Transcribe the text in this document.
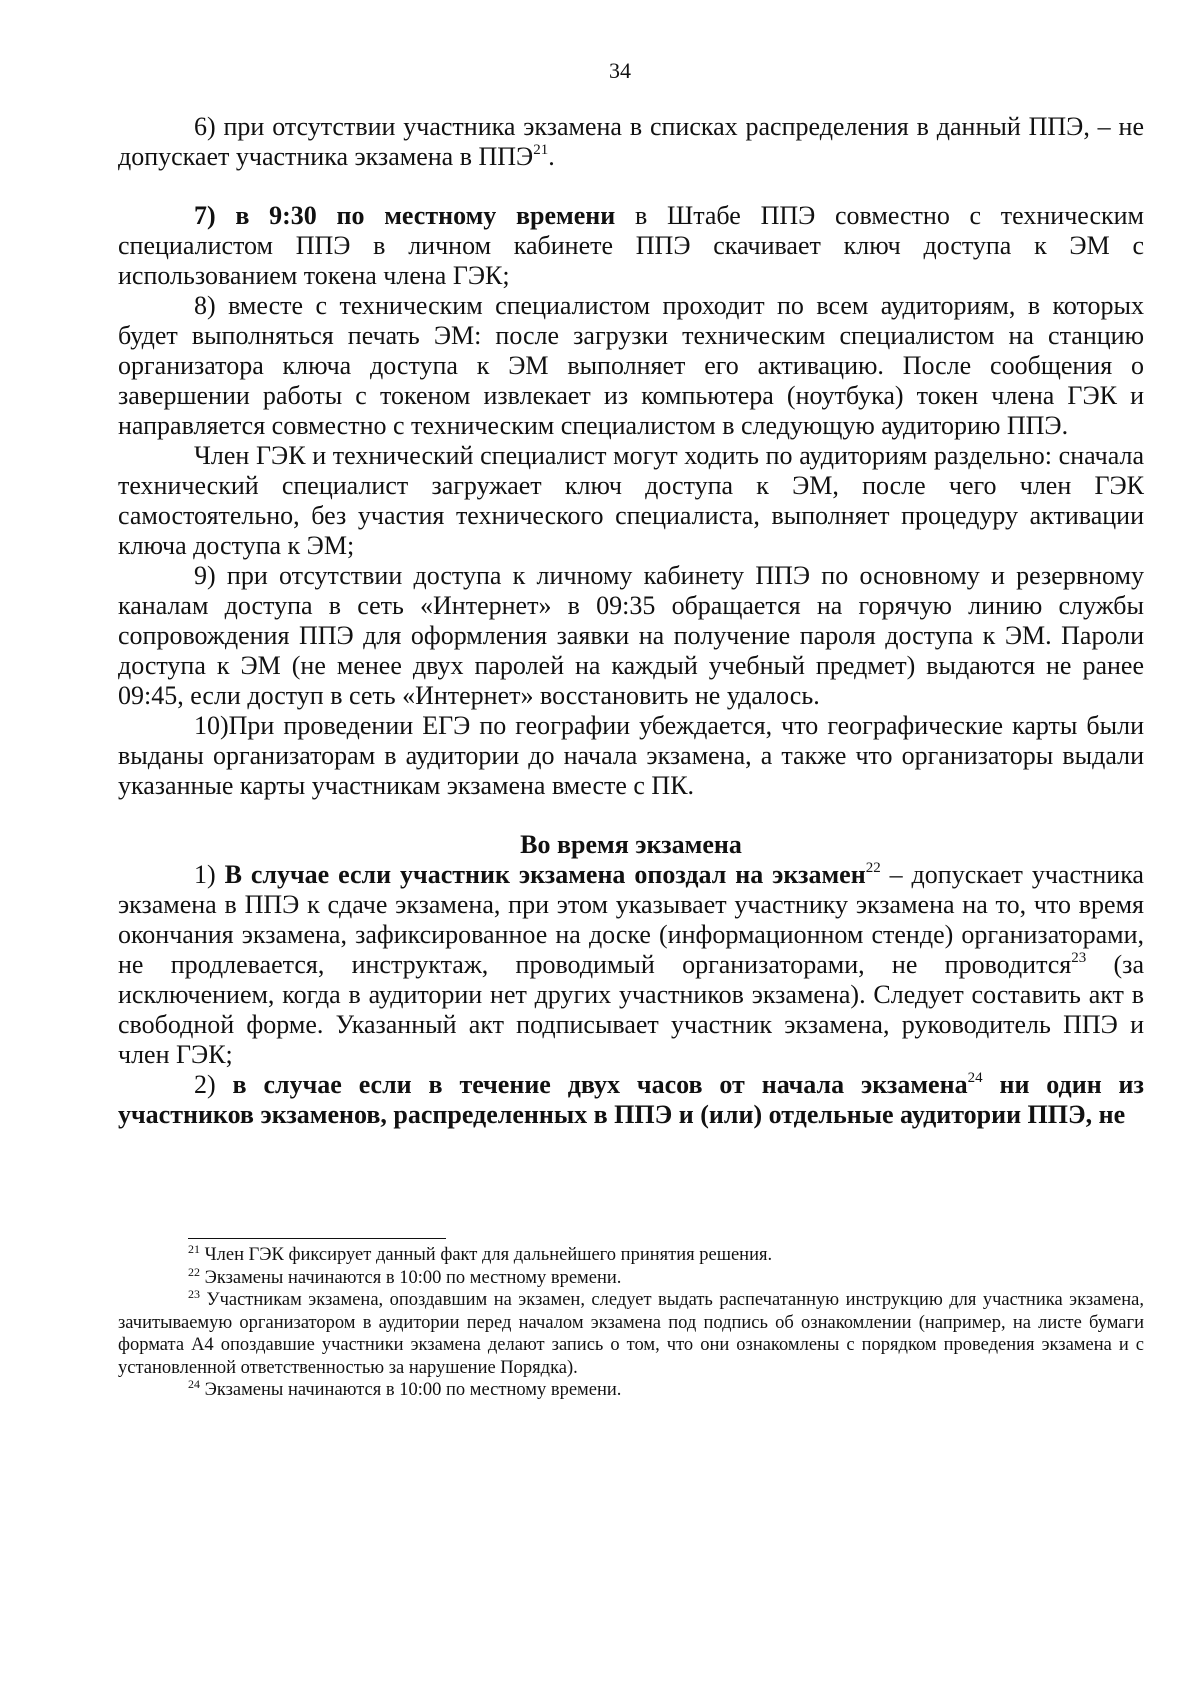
34

6) при отсутствии участника экзамена в списках распределения в данный ППЭ, – не допускает участника экзамена в ППЭ$^{21}$.

7) в 9:30 по местному времени в Штабе ППЭ совместно с техническим специалистом ППЭ в личном кабинете ППЭ скачивает ключ доступа к ЭМ с использованием токена члена ГЭК;

8) вместе с техническим специалистом проходит по всем аудиториям, в которых будет выполняться печать ЭМ: после загрузки техническим специалистом на станцию организатора ключа доступа к ЭМ выполняет его активацию. После сообщения о завершении работы с токеном извлекает из компьютера (ноутбука) токен члена ГЭК и направляется совместно с техническим специалистом в следующую аудиторию ППЭ.

Член ГЭК и технический специалист могут ходить по аудиториям раздельно: сначала технический специалист загружает ключ доступа к ЭМ, после чего член ГЭК самостоятельно, без участия технического специалиста, выполняет процедуру активации ключа доступа к ЭМ;

9) при отсутствии доступа к личному кабинету ППЭ по основному и резервному каналам доступа в сеть «Интернет» в 09:35 обращается на горячую линию службы сопровождения ППЭ для оформления заявки на получение пароля доступа к ЭМ. Пароли доступа к ЭМ (не менее двух паролей на каждый учебный предмет) выдаются не ранее 09:45, если доступ в сеть «Интернет» восстановить не удалось.

10)При проведении ЕГЭ по географии убеждается, что географические карты были выданы организаторам в аудитории до начала экзамена, а также что организаторы выдали указанные карты участникам экзамена вместе с ПК.

Во время экзамена

1) В случае если участник экзамена опоздал на экзамен$^{22}$ – допускает участника экзамена в ППЭ к сдаче экзамена, при этом указывает участнику экзамена на то, что время окончания экзамена, зафиксированное на доске (информационном стенде) организаторами, не продлевается, инструктаж, проводимый организаторами, не проводится$^{23}$ (за исключением, когда в аудитории нет других участников экзамена). Следует составить акт в свободной форме. Указанный акт подписывает участник экзамена, руководитель ППЭ и член ГЭК;

2) в случае если в течение двух часов от начала экзамена$^{24}$ ни один из участников экзаменов, распределенных в ППЭ и (или) отдельные аудитории ППЭ, не

$^{21}$ Член ГЭК фиксирует данный факт для дальнейшего принятия решения.

$^{22}$ Экзамены начинаются в 10:00 по местному времени.

$^{23}$ Участникам экзамена, опоздавшим на экзамен, следует выдать распечатанную инструкцию для участника экзамена, зачитываемую организатором в аудитории перед началом экзамена под подпись об ознакомлении (например, на листе бумаги формата А4 опоздавшие участники экзамена делают запись о том, что они ознакомлены с порядком проведения экзамена и с установленной ответственностью за нарушение Порядка).

$^{24}$ Экзамены начинаются в 10:00 по местному времени.
